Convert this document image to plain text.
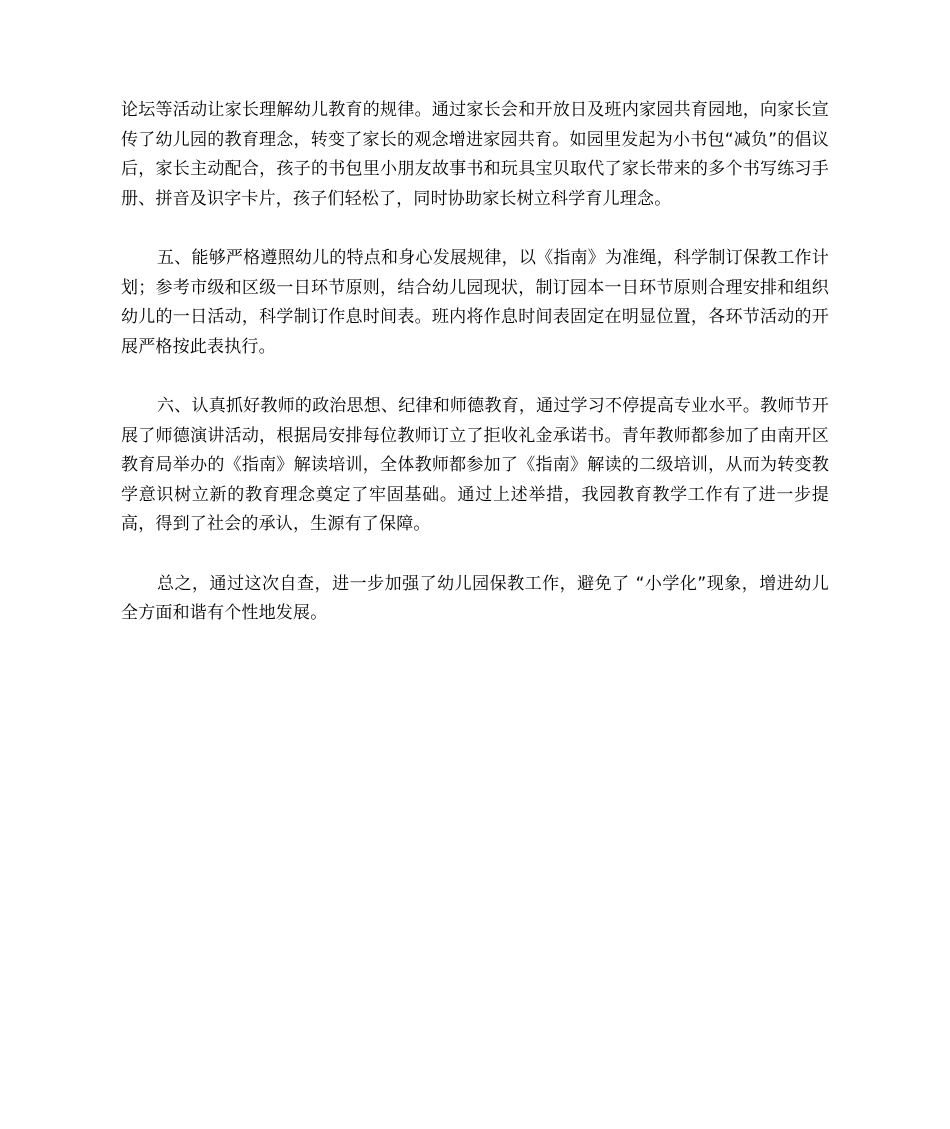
论坛等活动让家长理解幼儿教育的规律。通过家长会和开放日及班内家园共育园地，向家长宣传了幼儿园的教育理念，转变了家长的观念增进家园共育。如园里发起为小书包“减负”的倡议后，家长主动配合，孩子的书包里小朋友故事书和玩具宝贝取代了家长带来的多个书写练习手册、拼音及识字卡片，孩子们轻松了，同时协助家长树立科学育儿理念。

五、能够严格遵照幼儿的特点和身心发展规律，以《指南》为准绳，科学制订保教工作计划；参考市级和区级一日环节原则，结合幼儿园现状，制订园本一日环节原则合理安排和组织幼儿的一日活动，科学制订作息时间表。班内将作息时间表固定在明显位置，各环节活动的开展严格按此表执行。

六、认真抓好教师的政治思想、纪律和师德教育，通过学习不停提高专业水平。教师节开展了师德演讲活动，根据局安排每位教师订立了拒收礼金承诺书。青年教师都参加了由南开区教育局举办的《指南》解读培训，全体教师都参加了《指南》解读的二级培训，从而为转变教学意识树立新的教育理念奠定了牢固基础。通过上述举措，我园教育教学工作有了进一步提高，得到了社会的承认，生源有了保障。

总之，通过这次自查，进一步加强了幼儿园保教工作，避免了 “小学化”现象，增进幼儿全方面和谐有个性地发展。
